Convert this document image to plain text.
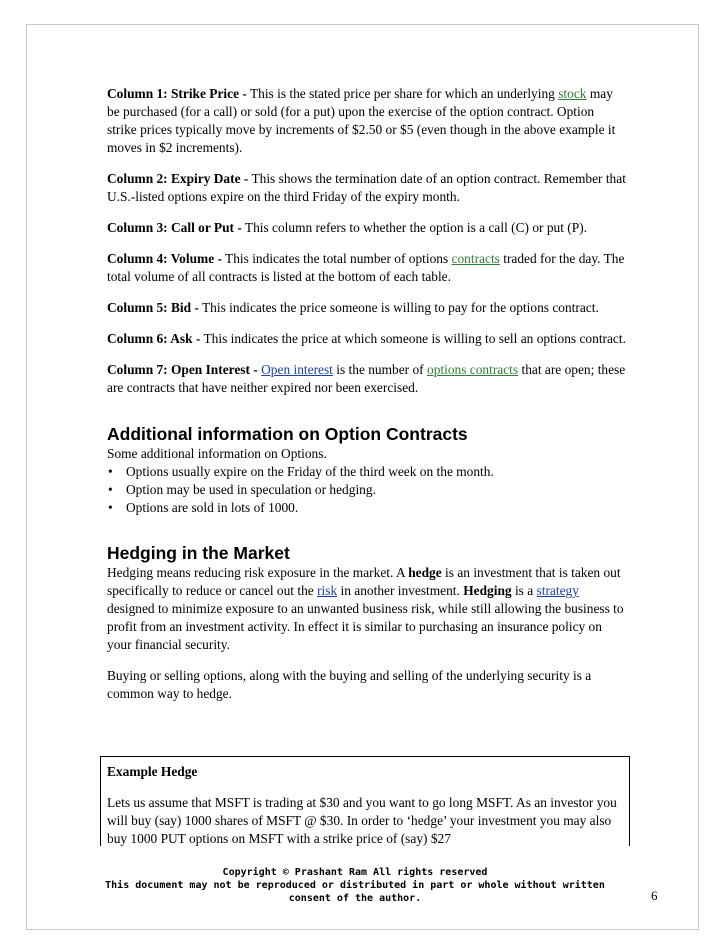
Column 1: Strike Price - This is the stated price per share for which an underlying stock may be purchased (for a call) or sold (for a put) upon the exercise of the option contract. Option strike prices typically move by increments of $2.50 or $5 (even though in the above example it moves in $2 increments).

Column 2: Expiry Date - This shows the termination date of an option contract. Remember that U.S.-listed options expire on the third Friday of the expiry month.

Column 3: Call or Put - This column refers to whether the option is a call (C) or put (P).

Column 4: Volume - This indicates the total number of options contracts traded for the day. The total volume of all contracts is listed at the bottom of each table.

Column 5: Bid - This indicates the price someone is willing to pay for the options contract.

Column 6: Ask - This indicates the price at which someone is willing to sell an options contract.

Column 7: Open Interest - Open interest is the number of options contracts that are open; these are contracts that have neither expired nor been exercised.

Additional information on Option Contracts
Some additional information on Options.
• Options usually expire on the Friday of the third week on the month.
• Option may be used in speculation or hedging.
• Options are sold in lots of 1000.
Hedging in the Market

Hedging means reducing risk exposure in the market. A hedge is an investment that is taken out specifically to reduce or cancel out the risk in another investment. Hedging is a strategy designed to minimize exposure to an unwanted business risk, while still allowing the business to profit from an investment activity. In effect it is similar to purchasing an insurance policy on your financial security.

Buying or selling options, along with the buying and selling of the underlying security is a common way to hedge.

Example Hedge
Lets us assume that MSFT is trading at $30 and you want to go long MSFT. As an investor you will buy (say) 1000 shares of MSFT @ $30. In order to ‘hedge’ your investment you may also buy 1000 PUT options on MSFT with a strike price of (say) $27
Copyright © Prashant Ram All rights reserved
This document may not be reproduced or distributed in part or whole without written consent of the author.	6
